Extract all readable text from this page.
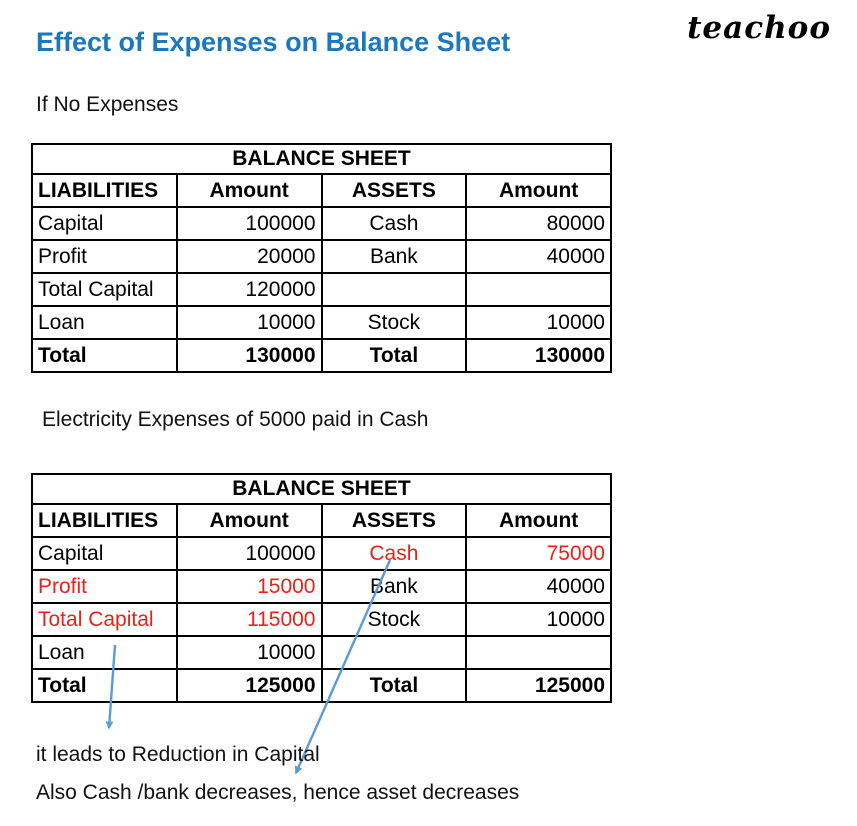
Effect of Expenses on Balance Sheet	teachoo
If No Expenses
BALANCE SHEET			
LIABILITIES	Amount	ASSETS	Amount
Capital	100000	Cash	80000
Profit	20000	Bank	40000
Total Capital	120000		
Loan	10000	Stock	10000
Total	130000	Total	130000
Electricity Expenses of 5000 paid in Cash
BALANCE SHEET			
LIABILITIES	Amount	ASSETS	Amount
Capital	100000	Cash	75000
Profit	15000	Bank	40000
Total Capital	115000	Stock	10000
Loan	10000		
Total	125000	Total	125000
it leads to Reduction in Capital
Also Cash /bank decreases, hence asset decreases
